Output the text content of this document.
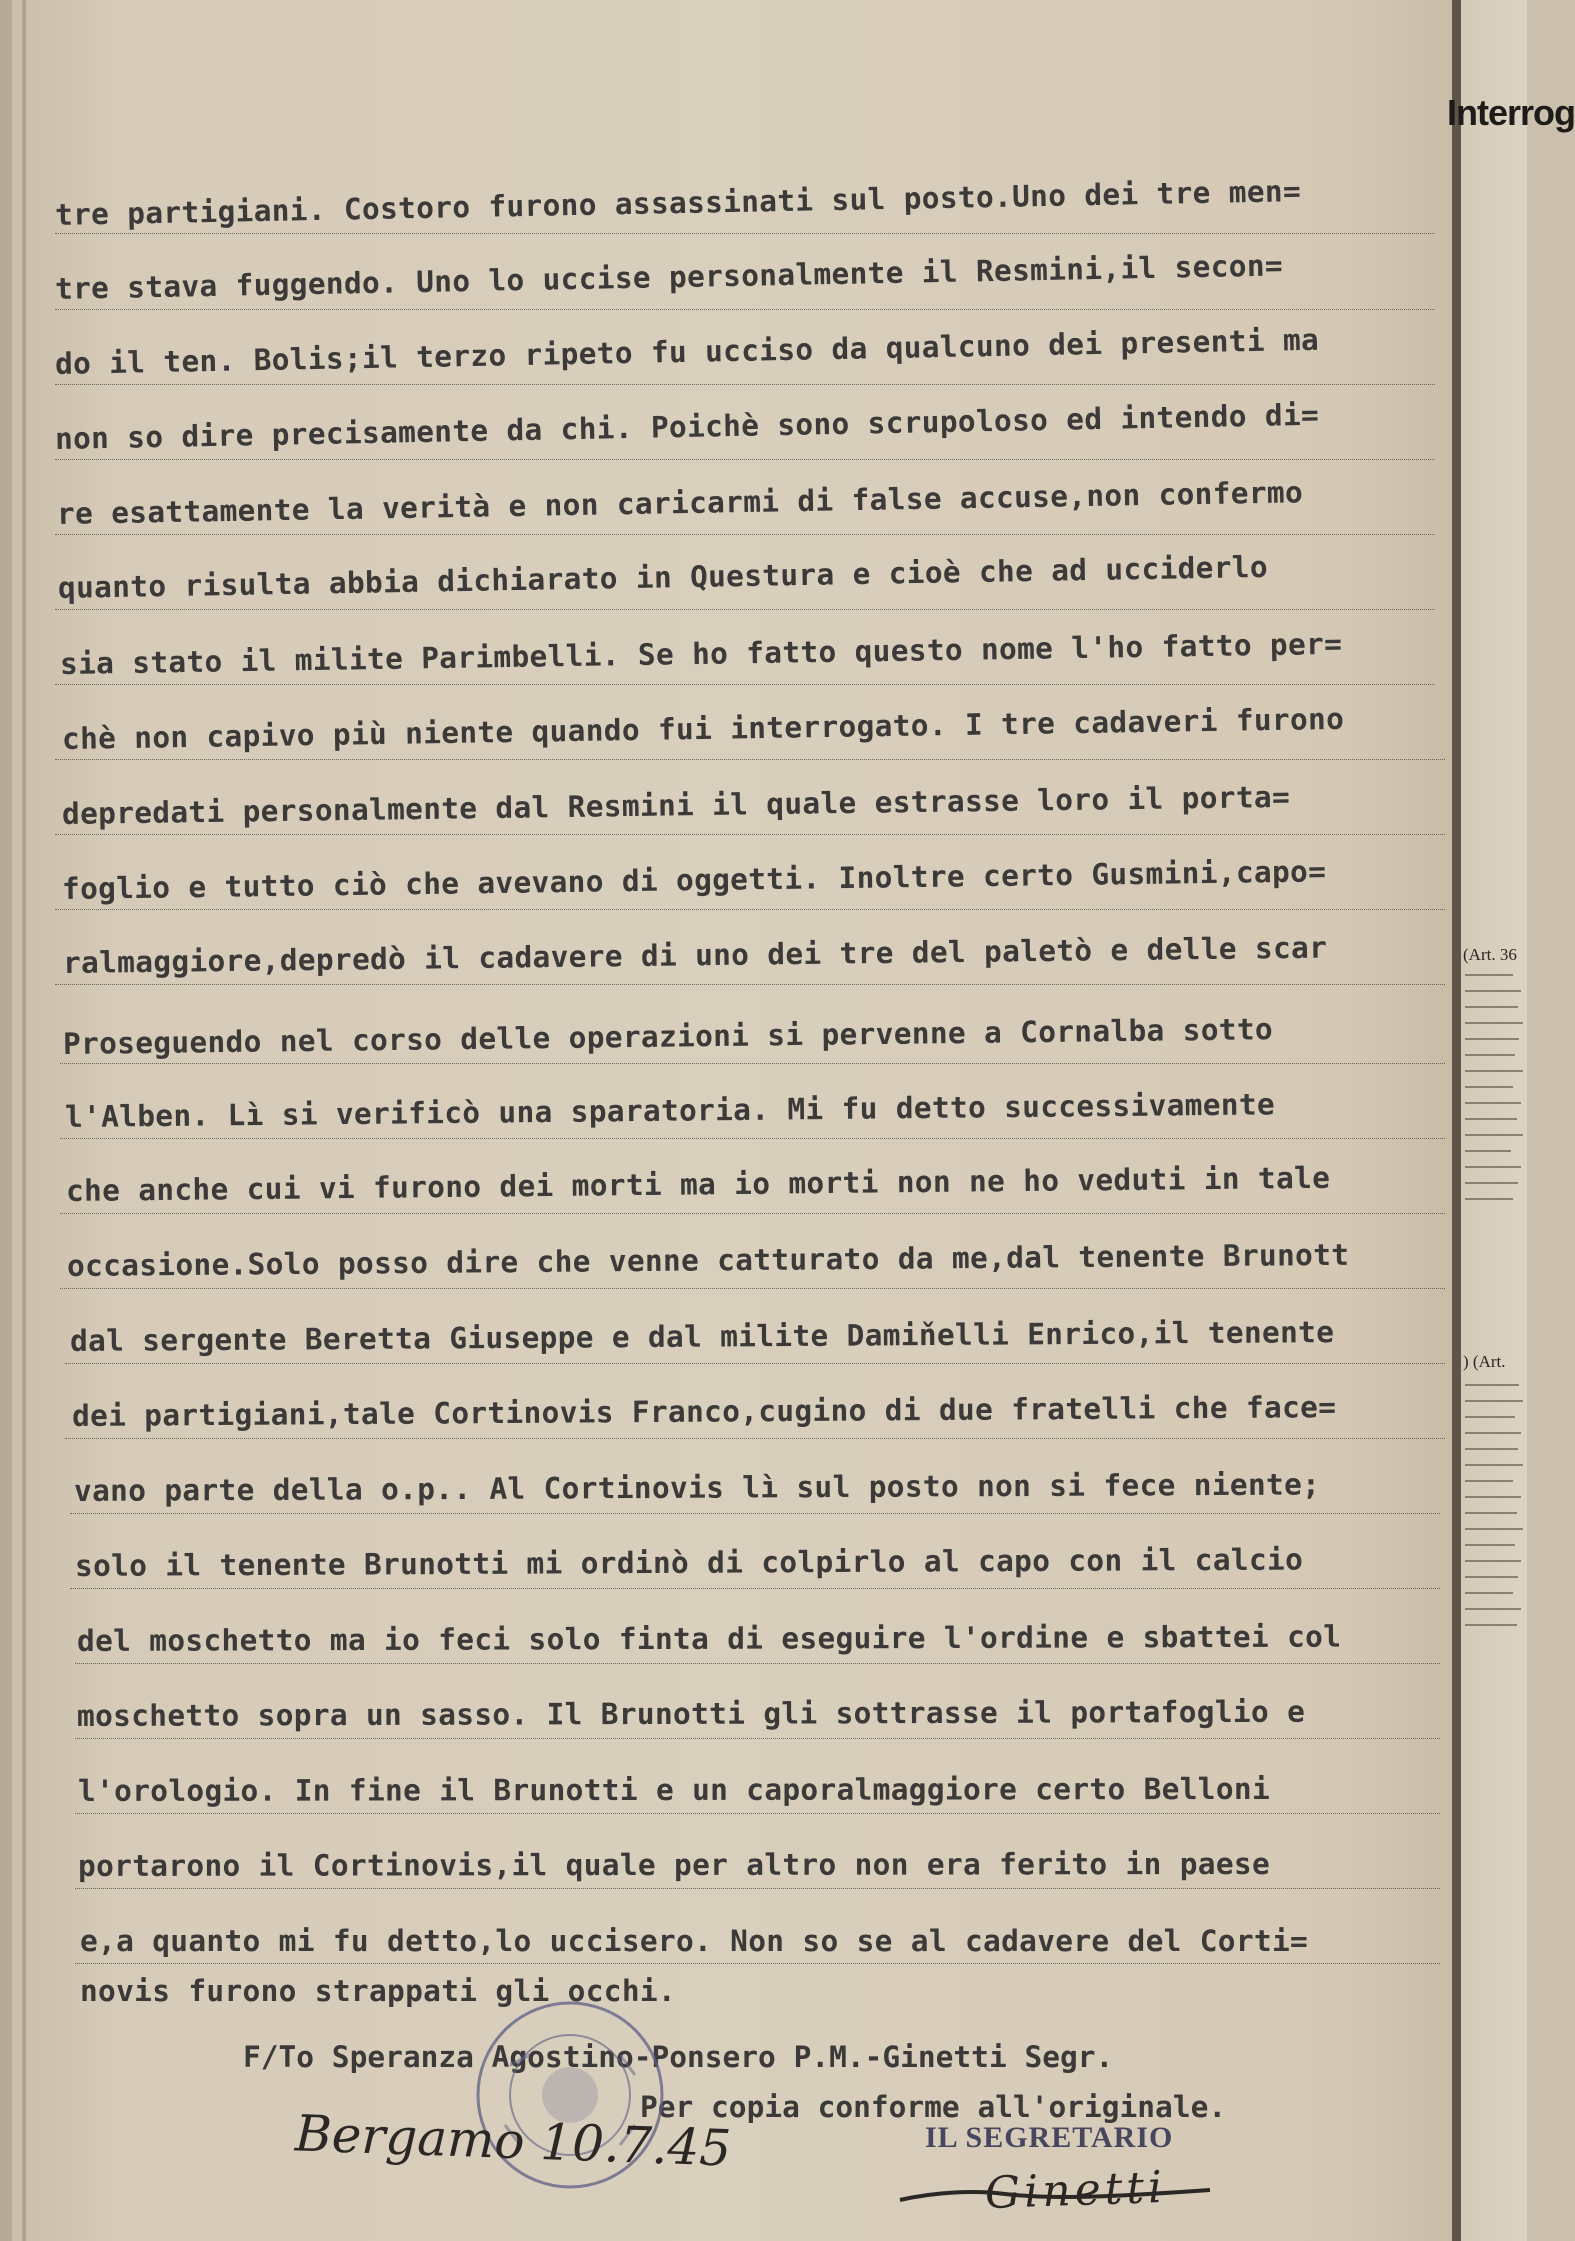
tre partigiani. Costoro furono assassinati sul posto.Uno dei tre men=
tre stava fuggendo. Uno lo uccise personalmente il Resmini,il secon=
do il ten. Bolis;il terzo ripeto fu ucciso da qualcuno dei presenti ma
non so dire precisamente da chi. Poichè sono scrupoloso ed intendo di=
re esattamente la verità e non caricarmi di false accuse,non confermo
quanto risulta abbia dichiarato in Questura e cioè che ad ucciderlo
sia stato il milite Parimbelli. Se ho fatto questo nome l'ho fatto per=
chè non capivo più niente quando fui interrogato. I tre cadaveri furono
depredati personalmente dal Resmini il quale estrasse loro il porta=
foglio e tutto ciò che avevano di oggetti. Inoltre certo Gusmini,capo=
ralmaggiore,depredò il cadavere di uno dei tre del paletò e delle scar
Proseguendo nel corso delle operazioni si pervenne a Cornalba sotto
l'Alben. Lì si verificò una sparatoria. Mi fu detto successivamente
che anche cui vi furono dei morti ma io morti non ne ho veduti in tale
occasione.Solo posso dire che venne catturato da me,dal tenente Brunott
dal sergente Beretta Giuseppe e dal milite Damiňelli Enrico,il tenente
dei partigiani,tale Cortinovis Franco,cugino di due fratelli che face=
vano parte della o.p.. Al Cortinovis lì sul posto non si fece niente;
solo il tenente Brunotti mi ordinò di colpirlo al capo con il calcio
del moschetto ma io feci solo finta di eseguire l'ordine e sbattei col
moschetto sopra un sasso. Il Brunotti gli sottrasse il portafoglio e
l'orologio. In fine il Brunotti e un caporalmaggiore certo Belloni
portarono il Cortinovis,il quale per altro non era ferito in paese
e,a quanto mi fu detto,lo uccisero. Non so se al cadavere del Corti=
novis furono strappati gli occhi.
F/To Speranza Agostino-Ponsero P.M.-Ginetti Segr.
Per copia conforme all'originale.
IL SEGRETARIO
Bergamo 10.7.45
Ginetti
Interrog
(Art. 36
) (Art.
